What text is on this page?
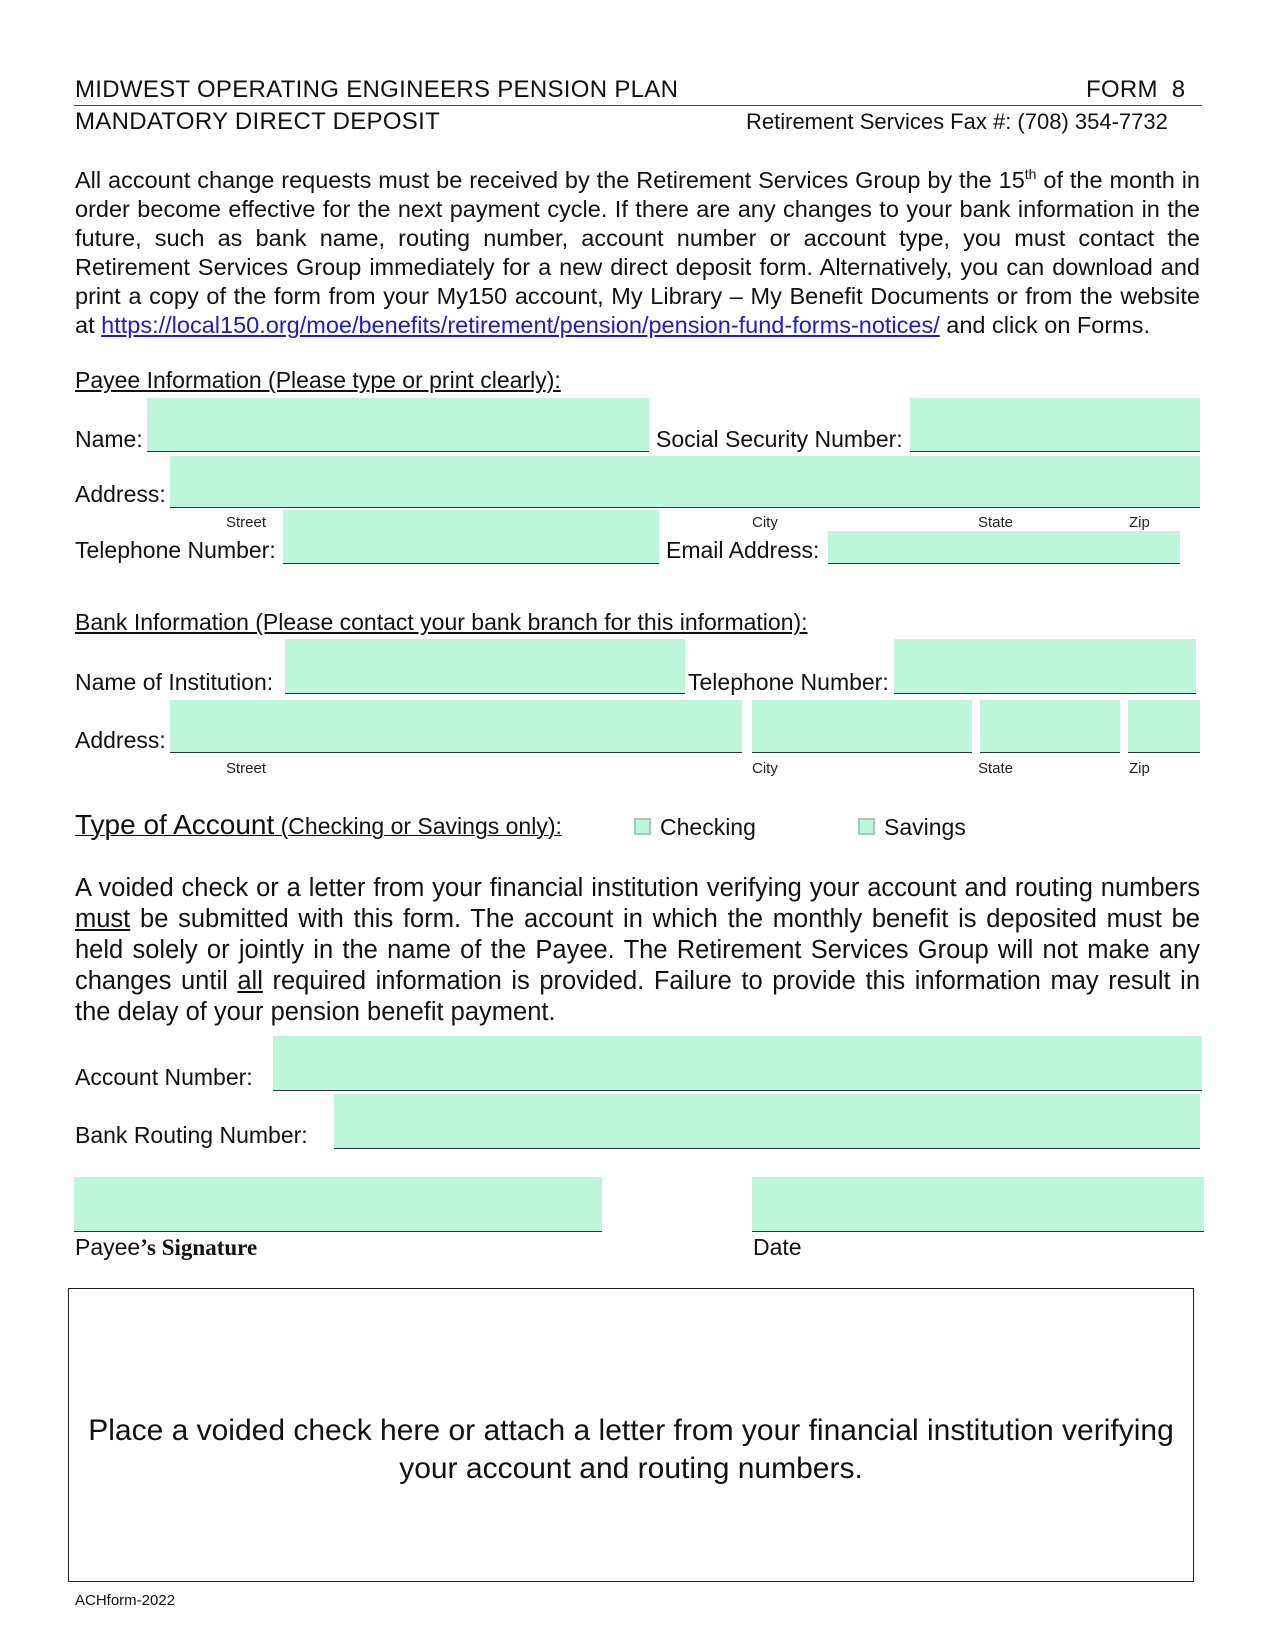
MIDWEST OPERATING ENGINEERS PENSION PLAN	FORM 8
MANDATORY DIRECT DEPOSIT	Retirement Services Fax #: (708) 354-7732
All account change requests must be received by the Retirement Services Group by the 15th of the month in order become effective for the next payment cycle. If there are any changes to your bank information in the future, such as bank name, routing number, account number or account type, you must contact the Retirement Services Group immediately for a new direct deposit form. Alternatively, you can download and print a copy of the form from your My150 account, My Library – My Benefit Documents or from the website at https://local150.org/moe/benefits/retirement/pension/pension-fund-forms-notices/ and click on Forms.
Payee Information (Please type or print clearly):
Name:	Social Security Number:
Address:
Street	City	State	Zip
Telephone Number:	Email Address:
Bank Information (Please contact your bank branch for this information):
Name of Institution:	Telephone Number:
Address:
Street	City	State	Zip
Type of Account (Checking or Savings only):	Checking	Savings
A voided check or a letter from your financial institution verifying your account and routing numbers must be submitted with this form. The account in which the monthly benefit is deposited must be held solely or jointly in the name of the Payee. The Retirement Services Group will not make any changes until all required information is provided. Failure to provide this information may result in the delay of your pension benefit payment.
Account Number:
Bank Routing Number:
Payee’s Signature	Date
Place a voided check here or attach a letter from your financial institution verifying your account and routing numbers.
ACHform-2022
